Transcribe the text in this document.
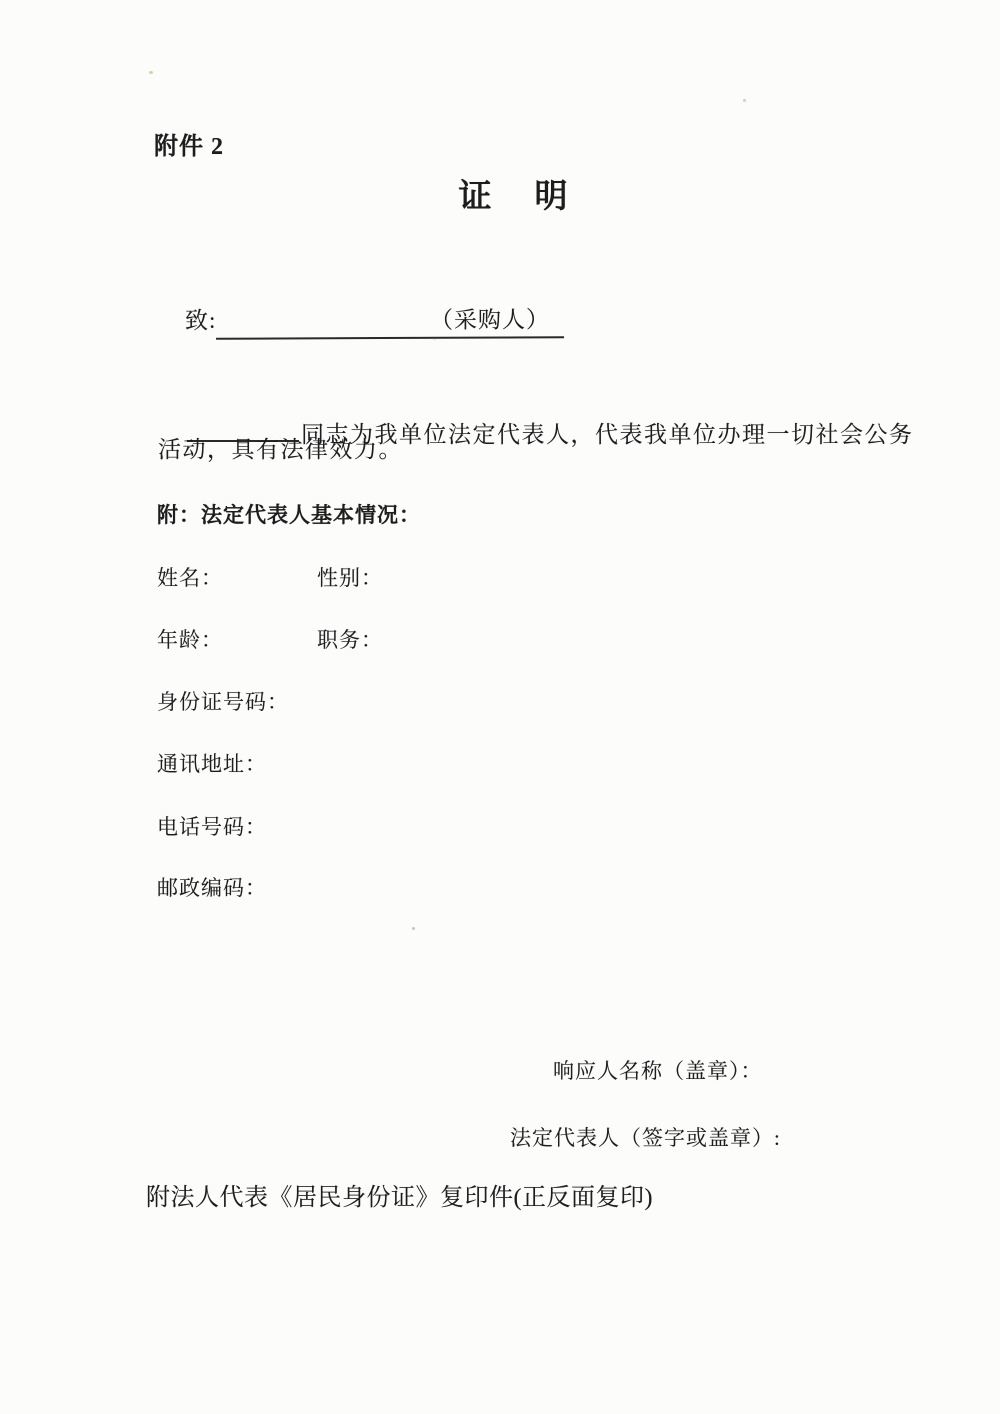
附件 2
证    明

致:	（采购人）

同志为我单位法定代表人，代表我单位办理一切社会公务

活动，具有法律效力。
附：法定代表人基本情况：
姓名：	性别：
年龄：	职务：
身份证号码：
通讯地址：
电话号码：
邮政编码：
响应人名称（盖章）：
法定代表人（签字或盖章）:
附法人代表《居民身份证》复印件(正反面复印)
